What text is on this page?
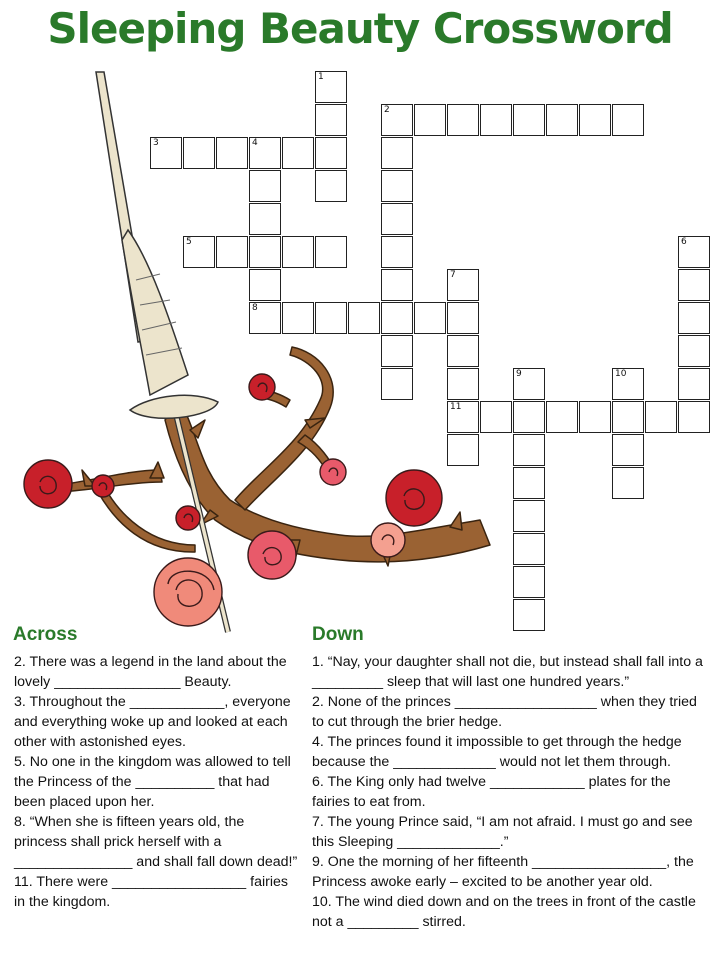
Sleeping Beauty Crossword
1
2
3	4
5	6
7
8
11
9	10
Across	Down

2. There was a legend in the land about the lovely ________________ Beauty.

3. Throughout the ____________, everyone and everything woke up and looked at each other with astonished eyes.

5. No one in the kingdom was allowed to tell the Princess of the __________ that had been placed upon her.

8. “When she is fifteen years old, the princess shall prick herself with a _______________ and shall fall down dead!”

11. There were _________________ fairies in the kingdom.

1. “Nay, your daughter shall not die, but instead shall fall into a _________ sleep that will last one hundred years.”

2. None of the princes __________________ when they tried to cut through the brier hedge.

4. The princes found it impossible to get through the hedge because the _____________ would not let them through.

6. The King only had twelve ____________ plates for the fairies to eat from.

7. The young Prince said, “I am not afraid. I must go and see this Sleeping _____________.”

9. One the morning of her fifteenth _________________, the Princess awoke early – excited to be another year old.

10. The wind died down and on the trees in front of the castle not a _________ stirred.
